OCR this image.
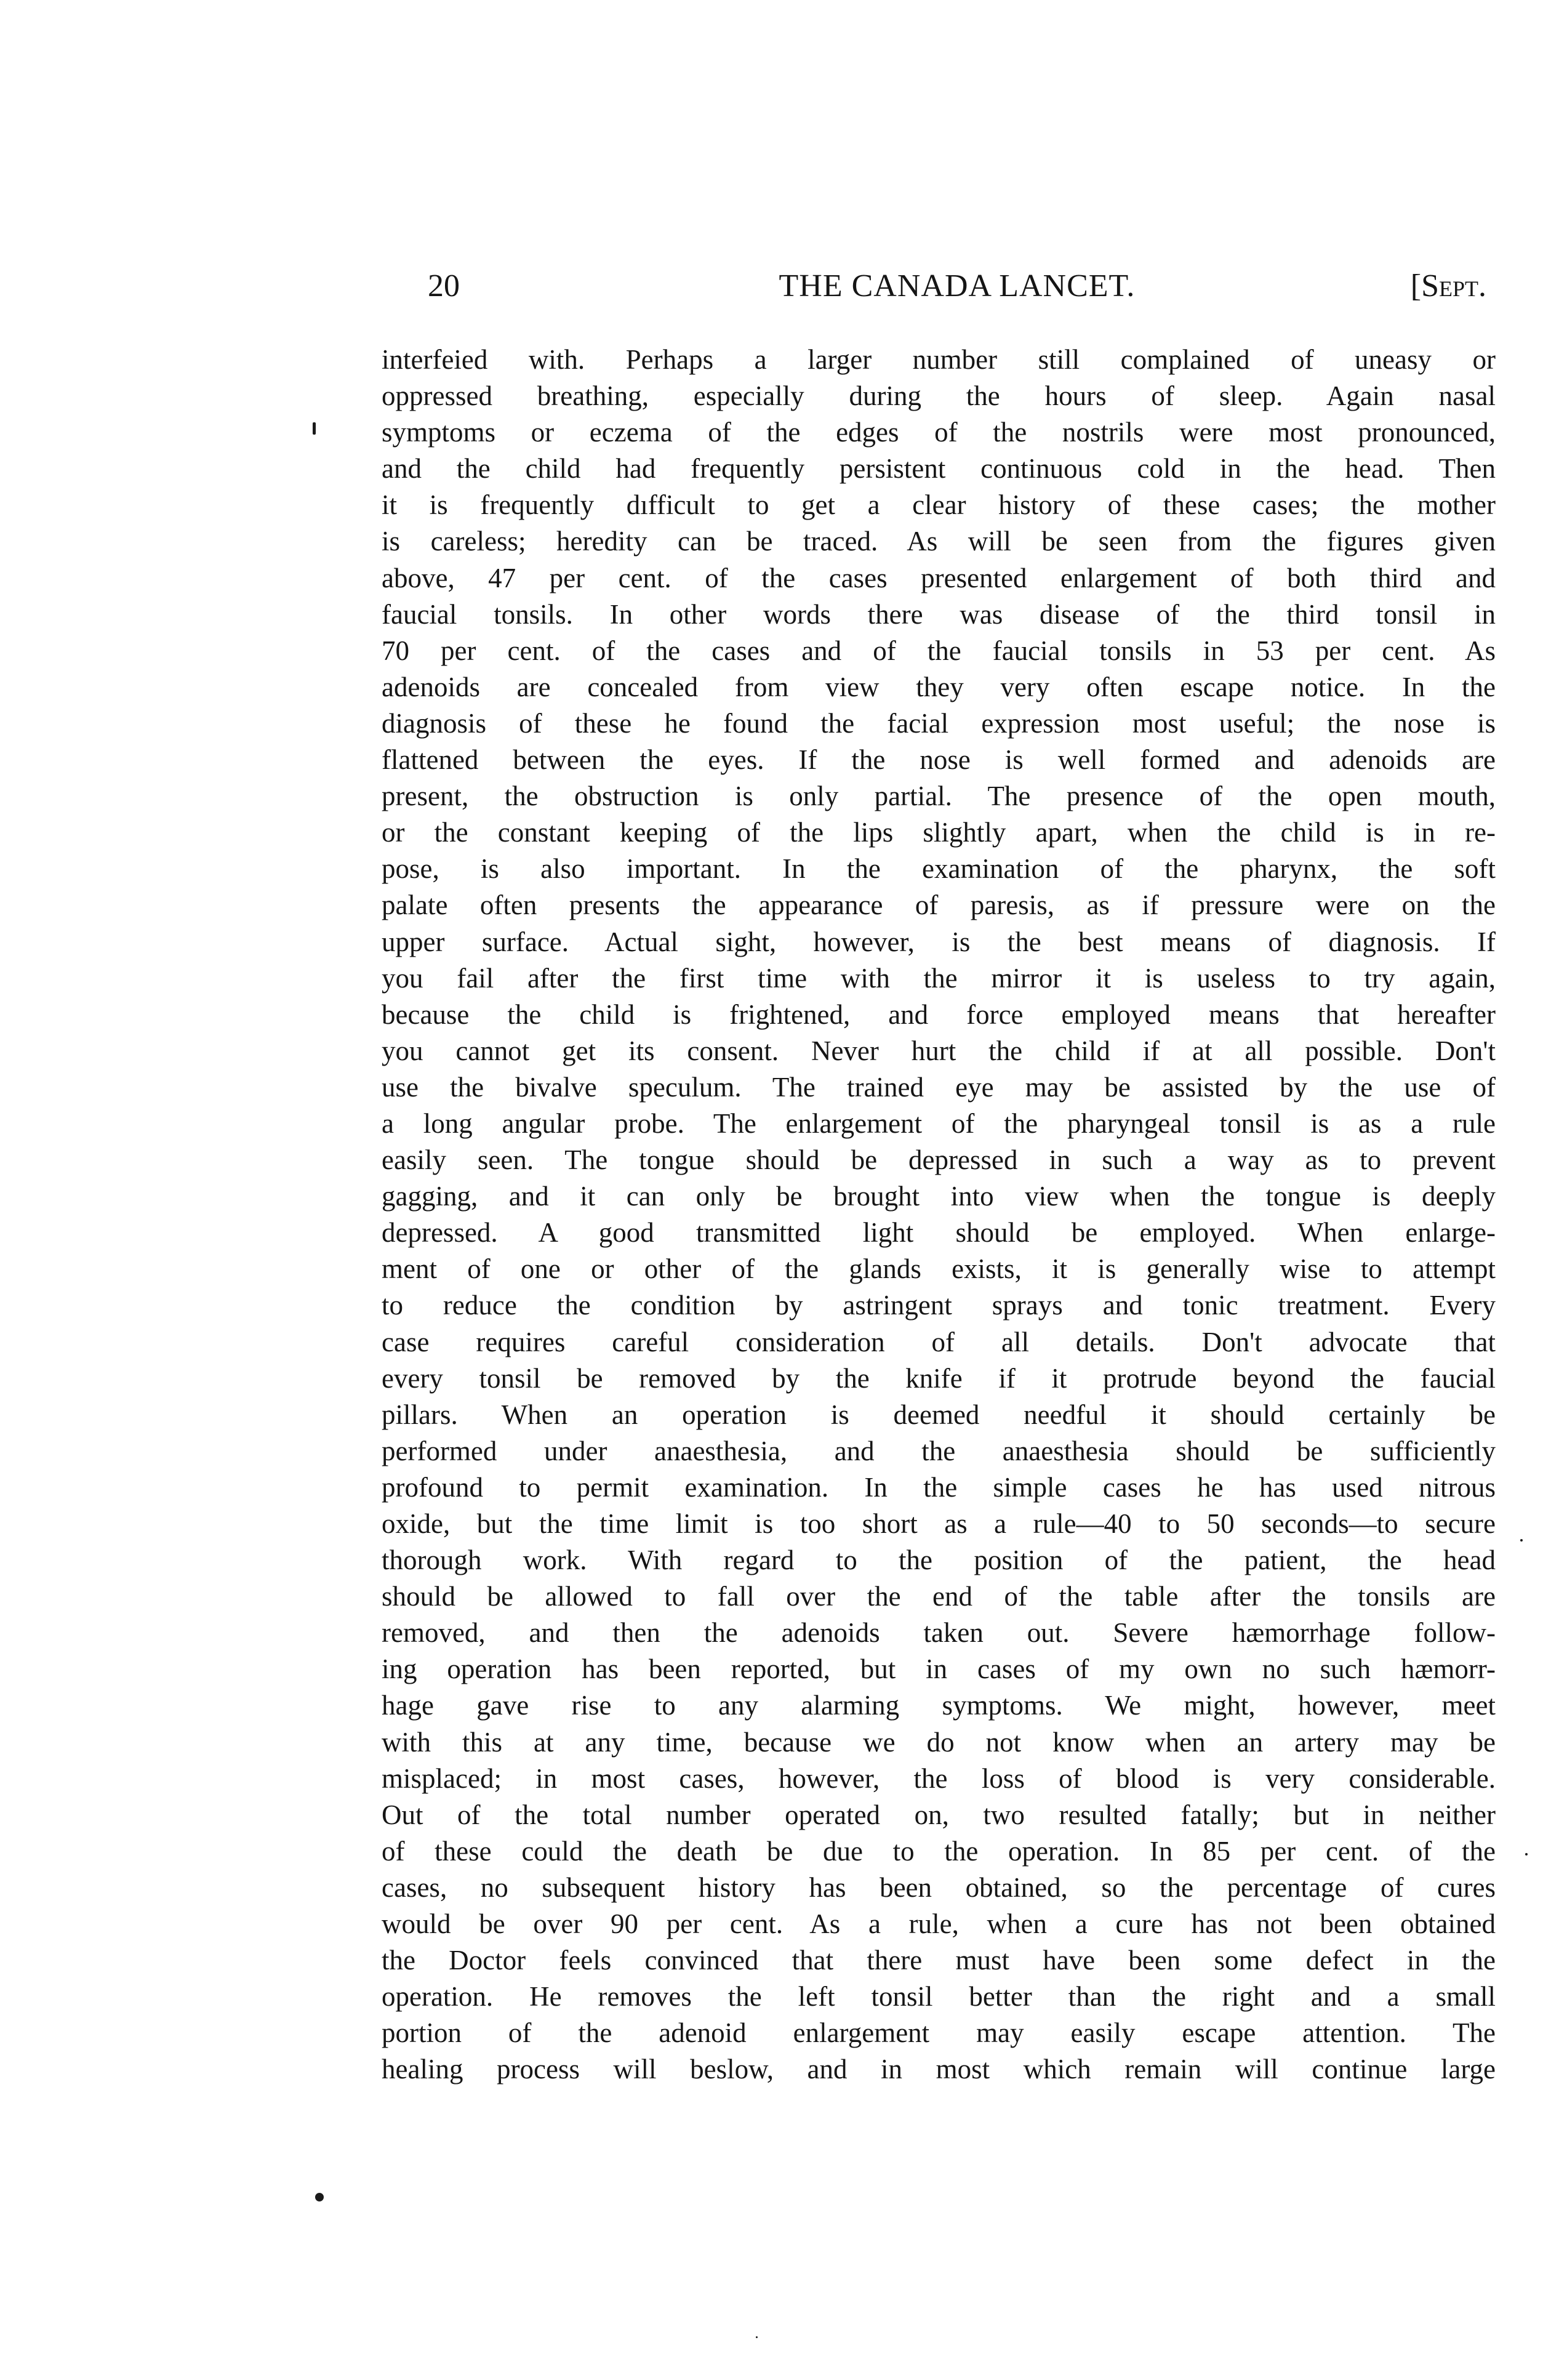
20	THE CANADA LANCET.	[Sept.
interfeied with. Perhaps a larger number still complained of uneasy or
oppressed breathing, especially during the hours of sleep. Again nasal
symptoms or eczema of the edges of the nostrils were most pronounced,
and the child had frequently persistent continuous cold in the head. Then
it is frequently dıfficult to get a clear history of these cases; the mother
is careless; heredity can be traced. As will be seen from the figures given
above, 47 per cent. of the cases presented enlargement of both third and
faucial tonsils. In other words there was disease of the third tonsil in
70 per cent. of the cases and of the faucial tonsils in 53 per cent. As
adenoids are concealed from view they very often escape notice. In the
diagnosis of these he found the facial expression most useful; the nose is
flattened between the eyes. If the nose is well formed and adenoids are
present, the obstruction is only partial. The presence of the open mouth,
or the constant keeping of the lips slightly apart, when the child is in re-
pose, is also important. In the examination of the pharynx, the soft
palate often presents the appearance of paresis, as if pressure were on the
upper surface. Actual sight, however, is the best means of diagnosis. If
you fail after the first time with the mirror it is useless to try again,
because the child is frightened, and force employed means that hereafter
you cannot get its consent. Never hurt the child if at all possible. Don't
use the bivalve speculum. The trained eye may be assisted by the use of
a long angular probe. The enlargement of the pharyngeal tonsil is as a rule
easily seen. The tongue should be depressed in such a way as to prevent
gagging, and it can only be brought into view when the tongue is deeply
depressed. A good transmitted light should be employed. When enlarge-
ment of one or other of the glands exists, it is generally wise to attempt
to reduce the condition by astringent sprays and tonic treatment. Every
case requires careful consideration of all details. Don't advocate that
every tonsil be removed by the knife if it protrude beyond the faucial
pillars. When an operation is deemed needful it should certainly be
performed under anaesthesia, and the anaesthesia should be sufficiently
profound to permit examination. In the simple cases he has used nitrous
oxide, but the time limit is too short as a rule—40 to 50 seconds—to secure
thorough work. With regard to the position of the patient, the head
should be allowed to fall over the end of the table after the tonsils are
removed, and then the adenoids taken out. Severe hæmorrhage follow-
ing operation has been reported, but in cases of my own no such hæmorr-
hage gave rise to any alarming symptoms. We might, however, meet
with this at any time, because we do not know when an artery may be
misplaced; in most cases, however, the loss of blood is very considerable.
Out of the total number operated on, two resulted fatally; but in neither
of these could the death be due to the operation. In 85 per cent. of the
cases, no subsequent history has been obtained, so the percentage of cures
would be over 90 per cent. As a rule, when a cure has not been obtained
the Doctor feels convinced that there must have been some defect in the
operation. He removes the left tonsil better than the right and a small
portion of the adenoid enlargement may easily escape attention. The
healing process will beslow, and in most which remain will continue large
